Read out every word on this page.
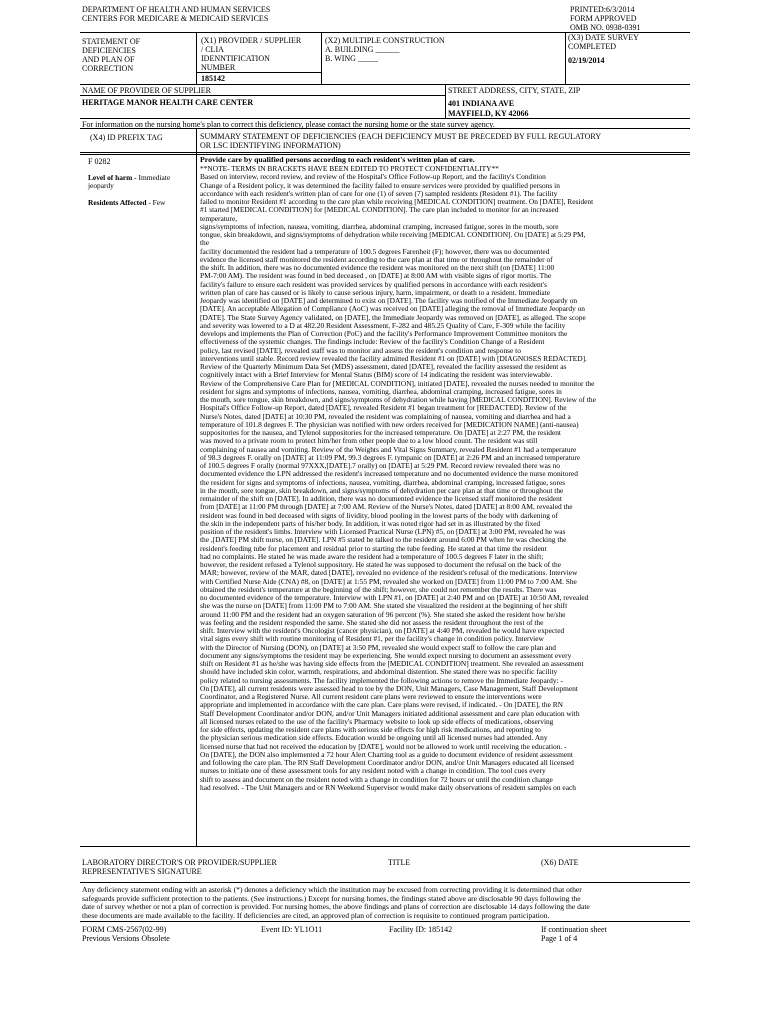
DEPARTMENT OF HEALTH AND HUMAN SERVICES
CENTERS FOR MEDICARE & MEDICAID SERVICES
PRINTED:6/3/2014
FORM APPROVED
OMB NO. 0938-0391
STATEMENT OF
DEFICIENCIES
AND PLAN OF
CORRECTION
(X1) PROVIDER / SUPPLIER
/ CLIA
IDENNTIFICATION
NUMBER
185142
(X2) MULTIPLE CONSTRUCTION
A. BUILDING ______
B. WING _____
(X3) DATE SURVEY
COMPLETED
02/19/2014
NAME OF PROVIDER OF SUPPLIER
HERITAGE MANOR HEALTH CARE CENTER
STREET ADDRESS, CITY, STATE, ZIP
401 INDIANA AVE
MAYFIELD, KY 42066
For information on the nursing home's plan to correct this deficiency, please contact the nursing home or the state survey agency.
(X4) ID PREFIX TAG	SUMMARY STATEMENT OF DEFICIENCIES (EACH DEFICIENCY MUST BE PRECEDED BY FULL REGULATORY
OR LSC IDENTIFYING INFORMATION)
F 0282
Level of harm - Immediate
jeopardy
Residents Affected - Few
Provide care by qualified persons according to each resident's written plan of care.
**NOTE- TERMS IN BRACKETS HAVE BEEN EDITED TO PROTECT CONFIDENTIALITY**
Based on interview, record review, and review of the Hospital's Office Follow-up Report, and the facility's Condition
Change of a Resident policy, it was determined the facility failed to ensure services were provided by qualified persons in
accordance with each resident's written plan of care for one (1) of seven (7) sampled residents (Resident #1). The facility
failed to monitor Resident #1 according to the care plan while receiving [MEDICAL CONDITION] treatment. On [DATE], Resident
#1 started [MEDICAL CONDITION] for [MEDICAL CONDITION]. The care plan included to monitor for an increased
temperature,
signs/symptoms of infection, nausea, vomiting, diarrhea, abdominal cramping, increased fatigue, sores in the mouth, sore
tongue, skin breakdown, and signs/symptoms of dehydration while receiving [MEDICAL CONDITION]. On [DATE] at 5:29 PM,
the
facility documented the resident had a temperature of 100.5 degrees Farenheit (F); however, there was no documented
evidence the licensed staff monitored the resident according to the care plan at that time or throughout the remainder of
the shift. In addition, there was no documented evidence the resident was monitored on the next shift (on [DATE] 11:00
PM-7:00 AM). The resident was found in bed deceased , on [DATE] at 8:00 AM with visible signs of rigor mortis. The
facility's failure to ensure each resident was provided services by qualified persons in accordance with each resident's
written plan of care has caused or is likely to cause serious injury, harm, impairment, or death to a resident. Immediate
Jeopardy was identified on [DATE] and determined to exist on [DATE]. The facility was notified of the Immediate Jeopardy on
[DATE]. An acceptable Allegation of Compliance (AoC) was received on [DATE] alleging the removal of Immediate Jeopardy on
[DATE]. The State Survey Agency validated, on [DATE], the Immediate Jeopardy was removed on [DATE], as alleged. The scope
and severity was lowered to a D at 482.20 Resident Assessment, F-282 and 485.25 Quality of Care, F-309 while the facility
develops and implements the Plan of Correction (PoC) and the facility's Performance Improvement Committee monitors the
effectiveness of the systemic changes. The findings include: Review of the facility's Condition Change of a Resident
policy, last revised [DATE], revealed staff was to monitor and assess the resident's condition and response to
interventions until stable. Record review revealed the facility admitted Resident #1 on [DATE] with [DIAGNOSES REDACTED].
Review of the Quarterly Minimum Data Set (MDS) assessment, dated [DATE], revealed the facility assessed the resident as
cognitively intact with a Brief Interview for Mental Status (BIM) score of 14 indicating the resident was interviewable.
Review of the Comprehensive Care Plan for [MEDICAL CONDITION], initiated [DATE], revealed the nurses needed to monitor the
resident for signs and symptoms of infections, nausea, vomiting, diarrhea, abdominal cramping, increased fatigue, sores in
the mouth, sore tongue, skin breakdown, and signs/symptoms of dehydration while having [MEDICAL CONDITION]. Review of the
Hospital's Office Follow-up Report, dated [DATE], revealed Resident #1 began treatment for [REDACTED]. Review of the
Nurse's Notes, dated [DATE] at 10:30 PM, revealed the resident was complaining of nausea, vomiting and diarrhea and had a
temperature of 101.8 degrees F. The physician was notified with new orders received for [MEDICATION NAME] (anti-nausea)
suppositories for the nausea, and Tylenol suppositories for the increased temperature. On [DATE] at 2:27 PM, the resident
was moved to a private room to protect him/her from other people due to a low blood count. The resident was still
complaining of nausea and vomiting. Review of the Weights and Vital Signs Summary, revealed Resident #1 had a temperature
of 98.3 degrees F. orally on [DATE] at 11:09 PM, 99.3 degrees F. tympanic on [DATE] at 2:26 PM and an increased temperature
of 100.5 degrees F orally (normal 97XXX,[DATE].7 orally) on [DATE] at 5:29 PM. Record review revealed there was no
documented evidence the LPN addressed the resident's increased temperature and no documented evidence the nurse monitored
the resident for signs and symptoms of infections, nausea, vomiting, diarrhea, abdominal cramping, increased fatigue, sores
in the mouth, sore tongue, skin breakdown, and signs/symptoms of dehydration per care plan at that time or throughout the
remainder of the shift on [DATE]. In addition, there was no documented evidence the licensed staff monitored the resident
from [DATE] at 11:00 PM through [DATE] at 7:00 AM. Review of the Nurse's Notes, dated [DATE] at 8:00 AM, revealed the
resident was found in bed deceased with signs of lividity, blood pooling in the lowest parts of the body with darkening of
the skin in the independent parts of his/her body. In addition, it was noted rigor had set in as illustrated by the fixed
position of the resident's limbs. Interview with Licensed Practical Nurse (LPN) #5, on [DATE] at 3:00 PM, revealed he was
the ,[DATE] PM shift nurse, on [DATE]. LPN #5 stated he talked to the resident around 6:00 PM when he was checking the
resident's feeding tube for placement and residual prior to starting the tube feeding. He stated at that time the resident
had no complaints. He stated he was made aware the resident had a temperature of 100.5 degrees F later in the shift;
however, the resident refused a Tylenol suppository. He stated he was supposed to document the refusal on the back of the
MAR; however, review of the MAR, dated [DATE], revealed no evidence of the resident's refusal of the medications. Interview
with Certified Nurse Aide (CNA) #8, on [DATE] at 1:55 PM, revealed she worked on [DATE] from 11:00 PM to 7:00 AM. She
obtained the resident's temperature at the beginning of the shift; however, she could not remember the results. There was
no documented evidence of the temperature. Interview with LPN #1, on [DATE] at 2:40 PM and on [DATE] at 10:50 AM, revealed
she was the nurse on [DATE] from 11:00 PM to 7:00 AM. She stated she visualized the resident at the beginning of her shift
around 11:00 PM and the resident had an oxygen saturation of 96 percent (%). She stated she asked the resident how he/she
was feeling and the resident responded the same. She stated she did not assess the resident throughout the rest of the
shift. Interview with the resident's Oncologist (cancer physician), on [DATE] at 4:40 PM, revealed he would have expected
vital signs every shift with routine monitoring of Resident #1, per the facility's change in condition policy. Interview
with the Director of Nursing (DON), on [DATE] at 3:50 PM, revealed she would expect staff to follow the care plan and
document any signs/symptoms the resident may be experiencing. She would expect nursing to document an assessment every
shift on Resident #1 as he/she was having side effects from the [MEDICAL CONDITION] treatment. She revealed an assessment
should have included skin color, warmth, respirations, and abdominal distention. She stated there was no specific facility
policy related to nursing assessments. The facility implemented the following actions to remove the Immediate Jeopardy: -
On [DATE], all current residents were assessed head to toe by the DON, Unit Managers, Case Management, Staff Development
Coordinator, and a Registered Nurse. All current resident care plans were reviewed to ensure the interventions were
appropriate and implemented in accordance with the care plan. Care plans were revised, if indicated. - On [DATE], the RN
Staff Development Coordinator and/or DON, and/or Unit Managers initiated additional assessment and care plan education with
all licensed nurses related to the use of the facility's Pharmacy website to look up side effects of medications, observing
for side effects, updating the resident care plans with serious side effects for high risk medications, and reporting to
the physician serious medication side effects. Education would be ongoing until all licensed nurses had attended. Any
licensed nurse that had not received the education by [DATE], would not be allowed to work until receiving the education. -
On [DATE], the DON also implemented a 72 hour Alert Charting tool as a guide to document evidence of resident assessment
and following the care plan. The RN Staff Development Coordinator and/or DON, and/or Unit Managers educated all licensed
nurses to initiate one of these assessment tools for any resident noted with a change in condition. The tool cues every
shift to assess and document on the resident noted with a change in condition for 72 hours or until the condition change
had resolved. - The Unit Managers and or RN Weekend Supervisor would make daily observations of resident samples on each
LABORATORY DIRECTOR'S OR PROVIDER/SUPPLIER
REPRESENTATIVE'S SIGNATURE
TITLE	(X6) DATE
Any deficiency statement ending with an asterisk (*) denotes a deficiency which the institution may be excused from correcting providing it is determined that other
safeguards provide sufficient protection to the patients. (See instructions.) Except for nursing homes, the findings stated above are disclosable 90 days following the
date of survey whether or not a plan of correction is provided. For nursing homes, the above findings and plans of correction are disclosable 14 days following the date
these documents are made available to the facility. If deficiencies are cited, an approved plan of correction is requisite to continued program participation.
FORM CMS-2567(02-99)
Previous Versions Obsolete
Event ID: YL1O11	Facility ID: 185142	If continuation sheet
Page 1 of 4
